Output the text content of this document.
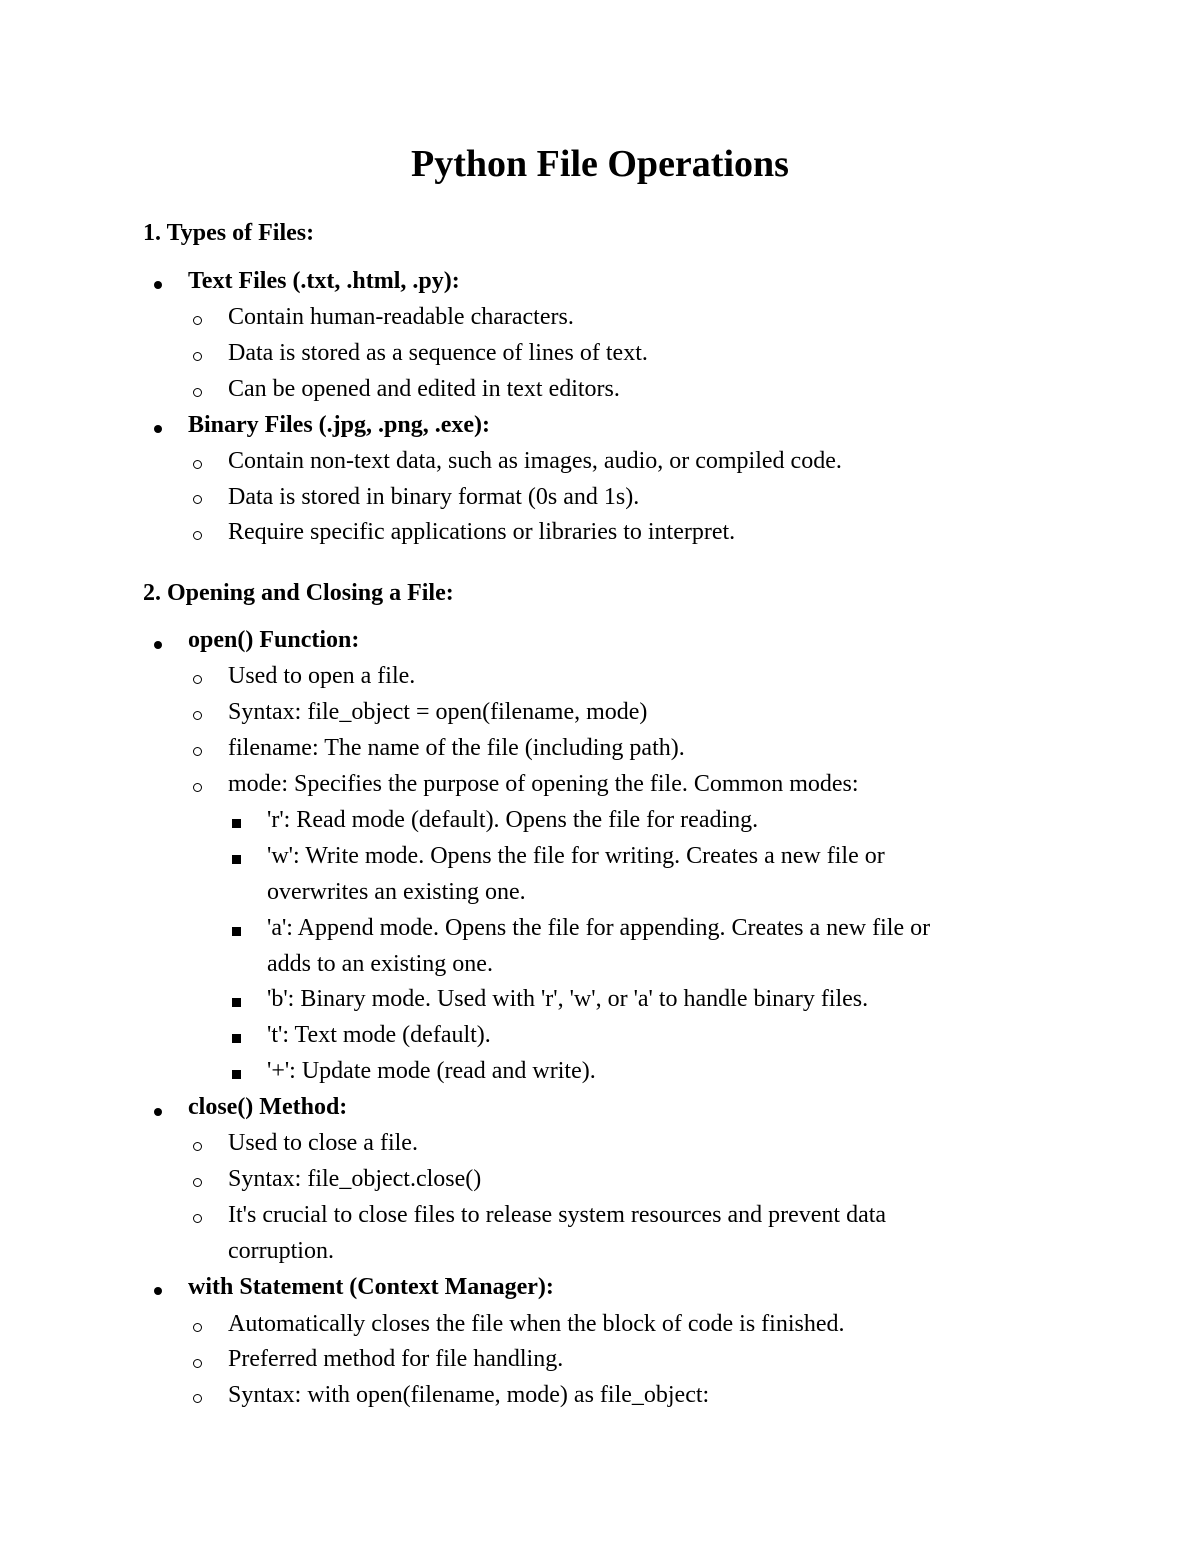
Python File Operations
1. Types of Files:
Text Files (.txt, .html, .py):
Contain human-readable characters.
Data is stored as a sequence of lines of text.
Can be opened and edited in text editors.
Binary Files (.jpg, .png, .exe):
Contain non-text data, such as images, audio, or compiled code.
Data is stored in binary format (0s and 1s).
Require specific applications or libraries to interpret.
2. Opening and Closing a File:
open() Function:
Used to open a file.
Syntax: file_object = open(filename, mode)
filename: The name of the file (including path).
mode: Specifies the purpose of opening the file. Common modes:
'r': Read mode (default). Opens the file for reading.
'w': Write mode. Opens the file for writing. Creates a new file or
overwrites an existing one.
'a': Append mode. Opens the file for appending. Creates a new file or
adds to an existing one.
'b': Binary mode. Used with 'r', 'w', or 'a' to handle binary files.
't': Text mode (default).
'+': Update mode (read and write).
close() Method:
Used to close a file.
Syntax: file_object.close()
It's crucial to close files to release system resources and prevent data
corruption.
with Statement (Context Manager):
Automatically closes the file when the block of code is finished.
Preferred method for file handling.
Syntax: with open(filename, mode) as file_object:
